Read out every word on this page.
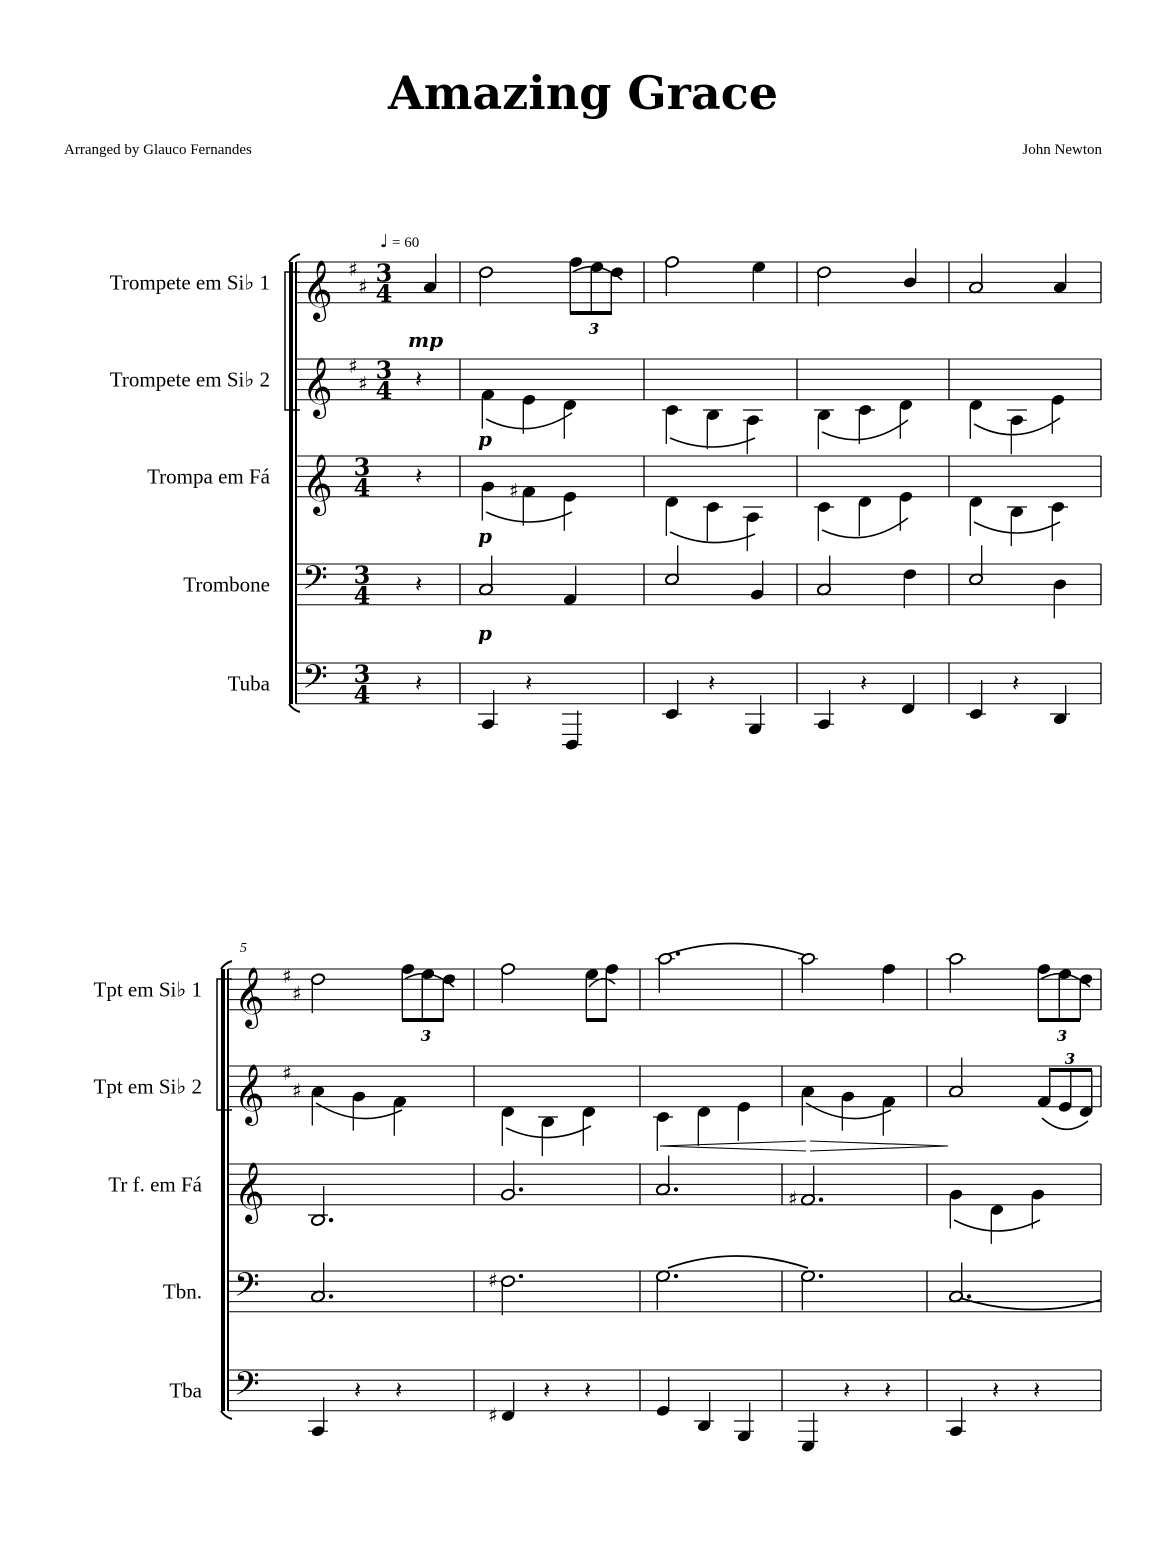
Amazing Grace
Arranged by Glauco Fernandes	John Newton
𝄞 ♯
♯ 3
4
Trompete em Si♭ 1
𝄞 ♯
♯ 3
4
Trompete em Si♭ 2
𝄞 3
4
Trompa em Fá
𝄢 3
4
Trombone
𝄢 3
4
Tuba
♩ = 60
mp	3
𝄽
p
𝄽
♯
p
𝄽
p
𝄽	𝄽	𝄽	𝄽	𝄽
𝄞 ♯
♯
Tpt em Si♭ 1
𝄞 ♯
♯
Tpt em Si♭ 2
𝄞
Tr f. em Fá
𝄢
Tbn.
𝄢
Tba
5
3	3
3
♯
♯
𝄽 𝄽
♯
𝄽 𝄽	𝄽 𝄽	𝄽 𝄽
